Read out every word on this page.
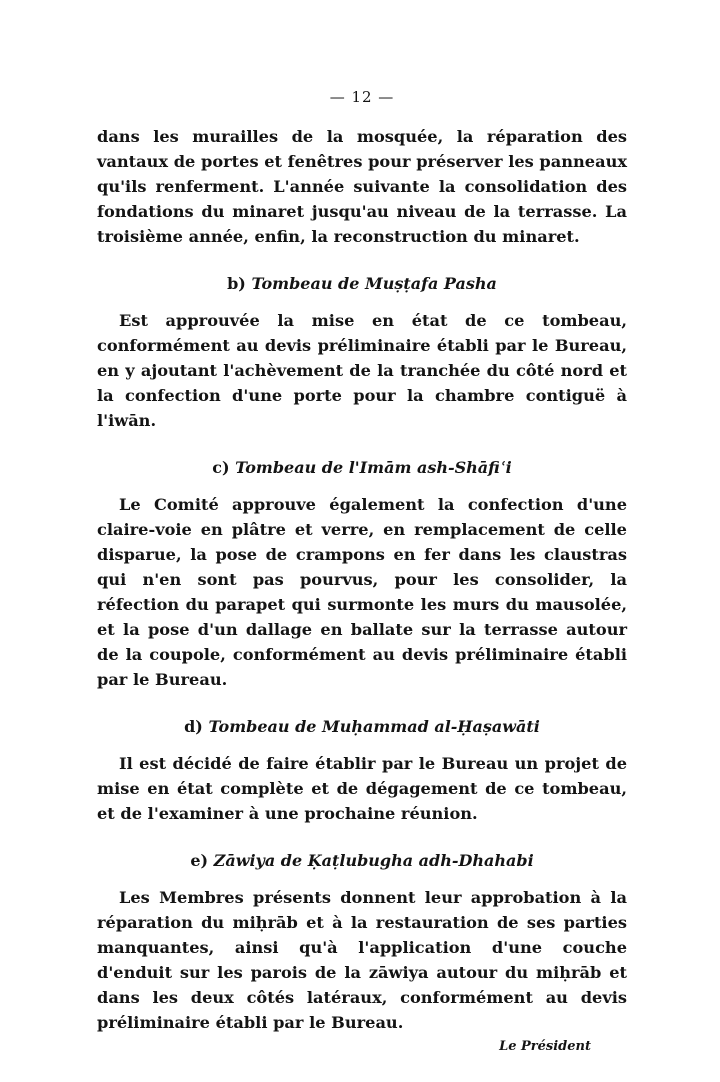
— 12 —

dans les murailles de la mosquée, la réparation des vantaux de portes et fenêtres pour préserver les panneaux qu'ils renferment. L'année suivante la consolidation des fondations du minaret jusqu'au niveau de la terrasse. La troisième année, enfin, la reconstruction du minaret.

b) Tombeau de Muṣṭafa Pasha

Est approuvée la mise en état de ce tombeau, conformément au devis préliminaire établi par le Bureau, en y ajoutant l'achèvement de la tranchée du côté nord et la confection d'une porte pour la chambre contiguë à l'iwān.

c) Tombeau de l'Imām ash-Shāfiʿi

Le Comité approuve également la confection d'une claire-voie en plâtre et verre, en remplacement de celle disparue, la pose de crampons en fer dans les claustras qui n'en sont pas pourvus, pour les consolider, la réfection du parapet qui surmonte les murs du mausolée, et la pose d'un dallage en ballate sur la terrasse autour de la coupole, conformément au devis préliminaire établi par le Bureau.

d) Tombeau de Muḥammad al-Ḥaṣawāti

Il est décidé de faire établir par le Bureau un projet de mise en état complète et de dégagement de ce tombeau, et de l'examiner à une prochaine réunion.

e) Zāwiya de Ḳaṭlubugha adh-Dhahabi

Les Membres présents donnent leur approbation à la réparation du miḥrāb et à la restauration de ses parties manquantes, ainsi qu'à l'application d'une couche d'enduit sur les parois de la zāwiya autour du miḥrāb et dans les deux côtés latéraux, conformément au devis préliminaire établi par le Bureau.

Le Président
